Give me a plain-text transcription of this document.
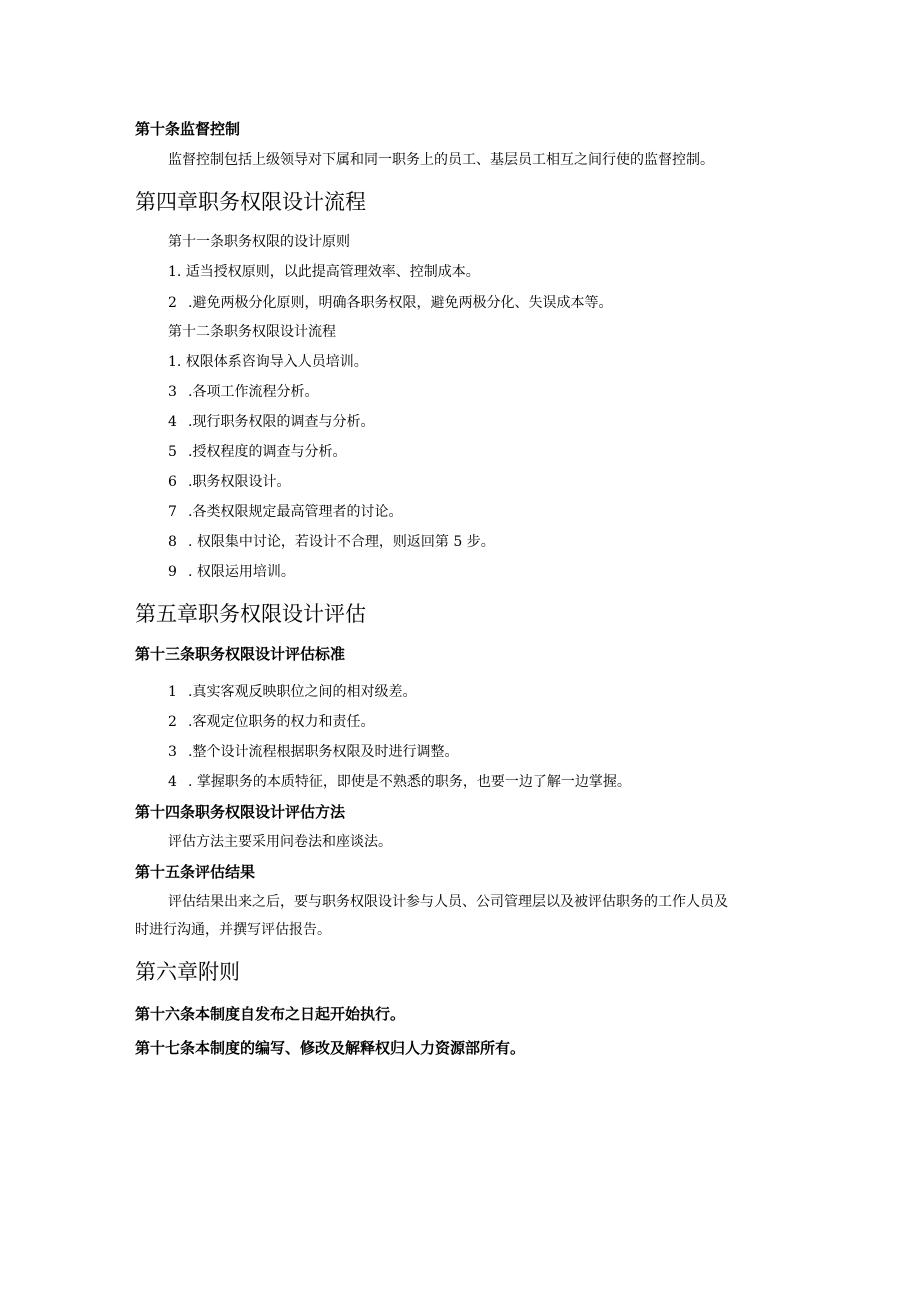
第十条监督控制

监督控制包括上级领导对下属和同一职务上的员工、基层员工相互之间行使的监督控制。

第四章职务权限设计流程

第十一条职务权限的设计原则

1. 适当授权原则，以此提高管理效率、控制成本。

2 .避免两极分化原则，明确各职务权限，避免两极分化、失误成本等。

第十二条职务权限设计流程

1. 权限体系咨询导入人员培训。

3 .各项工作流程分析。

4 .现行职务权限的调查与分析。

5 .授权程度的调查与分析。

6 .职务权限设计。

7 .各类权限规定最高管理者的讨论。

8 . 权限集中讨论，若设计不合理，则返回第 5 步。

9 . 权限运用培训。

第五章职务权限设计评估

第十三条职务权限设计评估标准

1 .真实客观反映职位之间的相对级差。

2 .客观定位职务的权力和责任。

3 .整个设计流程根据职务权限及时进行调整。

4 . 掌握职务的本质特征，即使是不熟悉的职务，也要一边了解一边掌握。

第十四条职务权限设计评估方法

评估方法主要采用问卷法和座谈法。

第十五条评估结果

评估结果出来之后，要与职务权限设计参与人员、公司管理层以及被评估职务的工作人员及

时进行沟通，并撰写评估报告。

第六章附则

第十六条本制度自发布之日起开始执行。

第十七条本制度的编写、修改及解释权归人力资源部所有。
